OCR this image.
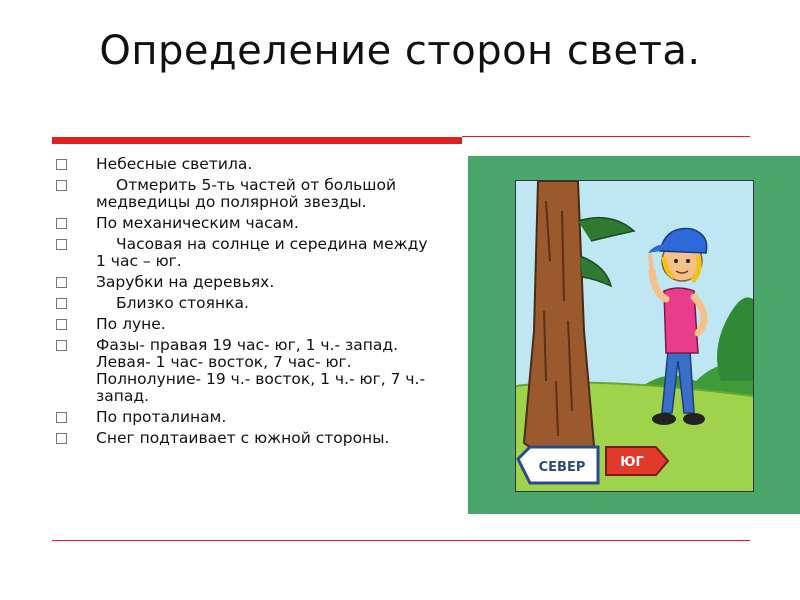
Определение сторон света.
Небесные светила.
Отмерить 5-ть частей от большой медведицы до полярной звезды.
По механическим часам.
Часовая на солнце и середина между 1 час – юг.
Зарубки на деревьях.
Близко стоянка.
По луне.
Фазы- правая 19 час- юг, 1 ч.- запад. Левая- 1 час- восток, 7 час- юг. Полнолуние- 19 ч.- восток, 1 ч.- юг, 7 ч.- запад.
По проталинам.
Снег подтаивает с южной стороны.
СЕВЕР	ЮГ
